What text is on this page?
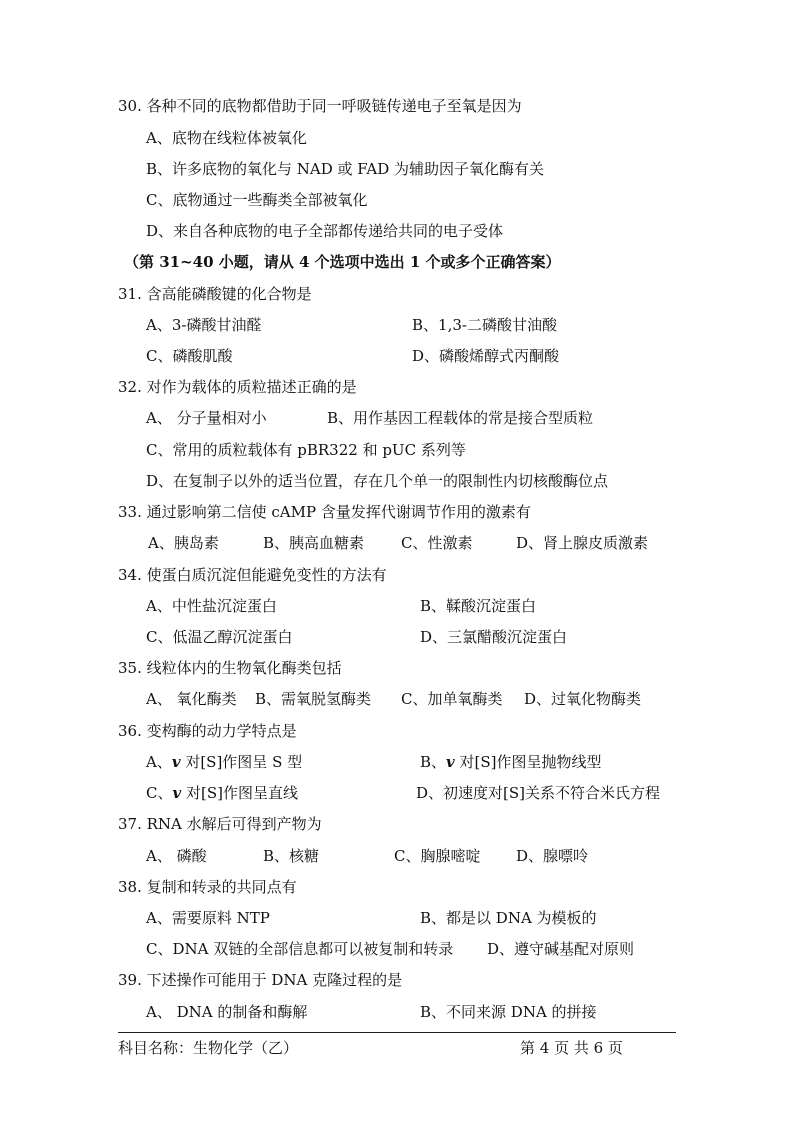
30. 各种不同的底物都借助于同一呼吸链传递电子至氧是因为
A、底物在线粒体被氧化
B、许多底物的氧化与 NAD 或 FAD 为辅助因子氧化酶有关
C、底物通过一些酶类全部被氧化
D、来自各种底物的电子全部都传递给共同的电子受体
（第 31~40 小题，请从 4 个选项中选出 1 个或多个正确答案）
31. 含高能磷酸键的化合物是
A、3-磷酸甘油醛	B、1,3-二磷酸甘油酸
C、磷酸肌酸	D、磷酸烯醇式丙酮酸
32. 对作为载体的质粒描述正确的是
A、 分子量相对小	B、用作基因工程载体的常是接合型质粒
C、常用的质粒载体有 pBR322 和 pUC 系列等
D、在复制子以外的适当位置，存在几个单一的限制性内切核酸酶位点
33. 通过影响第二信使 cAMP 含量发挥代谢调节作用的激素有
A、胰岛素	B、胰高血糖素 C、性激素	D、肾上腺皮质激素
34. 使蛋白质沉淀但能避免变性的方法有
A、中性盐沉淀蛋白	B、鞣酸沉淀蛋白
C、低温乙醇沉淀蛋白	D、三氯醋酸沉淀蛋白
35. 线粒体内的生物氧化酶类包括
A、 氧化酶类 B、需氧脱氢酶类 C、加单氧酶类 D、过氧化物酶类
36. 变构酶的动力学特点是
A、v 对[S]作图呈 S 型	B、v 对[S]作图呈抛物线型
C、v 对[S]作图呈直线	D、初速度对[S]关系不符合米氏方程
37. RNA 水解后可得到产物为
A、 磷酸	B、核糖	C、胸腺嘧啶 D、腺嘌呤
38. 复制和转录的共同点有
A、需要原料 NTP	B、都是以 DNA 为模板的
C、DNA 双链的全部信息都可以被复制和转录 D、遵守碱基配对原则
39. 下述操作可能用于 DNA 克隆过程的是
A、 DNA 的制备和酶解	B、不同来源 DNA 的拼接
科目名称：生物化学（乙）	第 4 页 共 6 页
